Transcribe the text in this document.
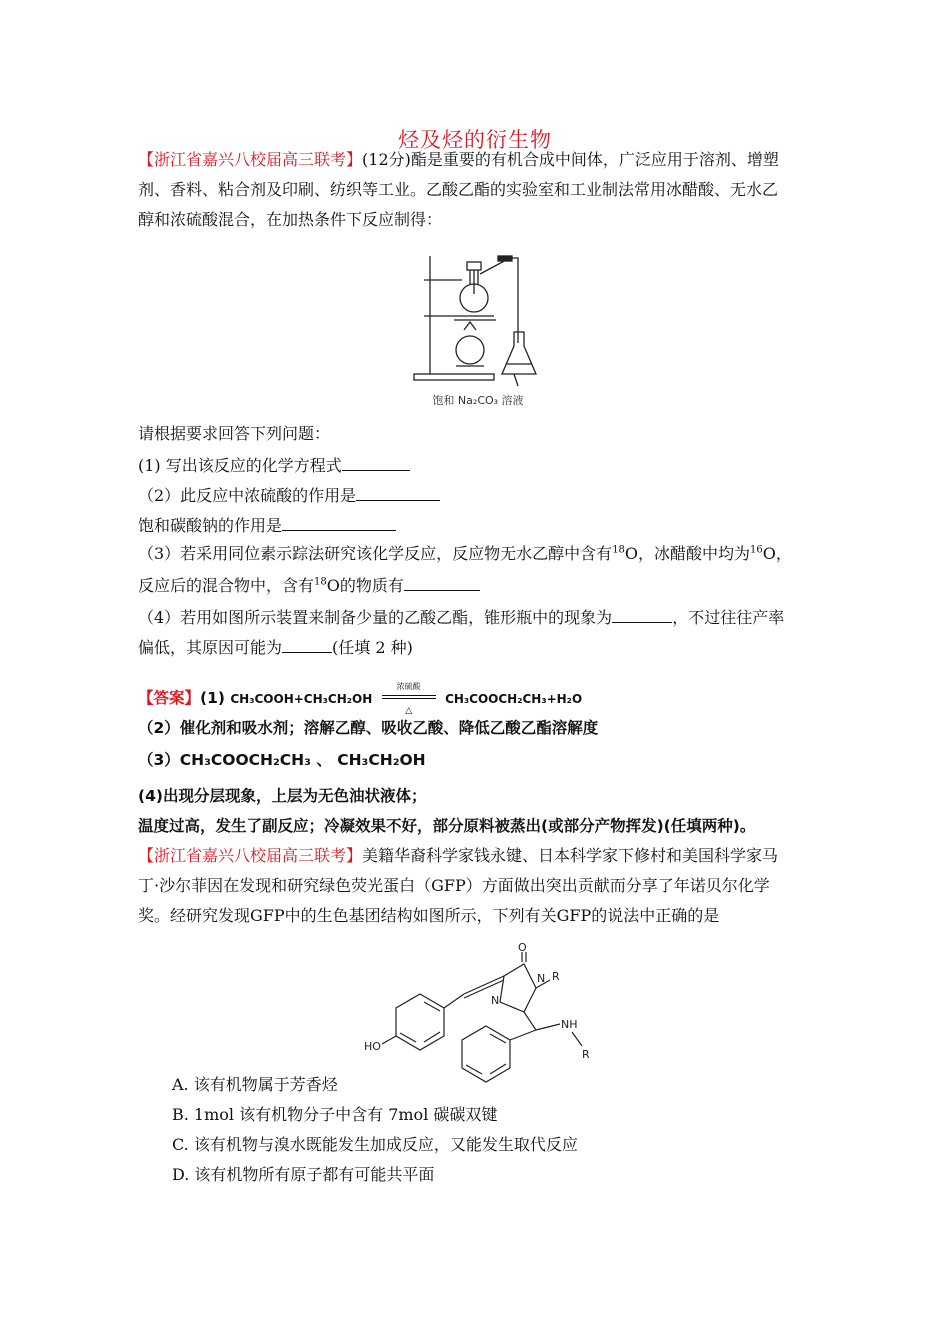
烃及烃的衍生物
【浙江省嘉兴八校届高三联考】(12分)酯是重要的有机合成中间体，广泛应用于溶剂、增塑
剂、香料、粘合剂及印刷、纺织等工业。乙酸乙酯的实验室和工业制法常用冰醋酸、无水乙
醇和浓硫酸混合，在加热条件下反应制得：
饱和 Na₂CO₃ 溶液
请根据要求回答下列问题：
(1) 写出该反应的化学方程式
（2）此反应中浓硫酸的作用是
饱和碳酸钠的作用是
（3）若采用同位素示踪法研究该化学反应，反应物无水乙醇中含有$^{18}$O，冰醋酸中均为$^{16}$O，
反应后的混合物中，含有$^{18}$O的物质有
（4）若用如图所示装置来制备少量的乙酸乙酯，锥形瓶中的现象为	，不过往往产率
偏低，其原因可能为	(任填 2 种)
【答案】(1) CH₃COOH+CH₃CH₂OH
浓硫酸
△
CH₃COOCH₂CH₃+H₂O
（2）催化剂和吸水剂；溶解乙醇、吸收乙酸、降低乙酸乙酯溶解度
（3）CH₃COOCH₂CH₃ 、 CH₃CH₂OH
(4)出现分层现象，上层为无色油状液体；
温度过高，发生了副反应；冷凝效果不好，部分原料被蒸出(或部分产物挥发)(任填两种)。
【浙江省嘉兴八校届高三联考】美籍华裔科学家钱永键、日本科学家下修村和美国科学家马
丁·沙尔菲因在发现和研究绿色荧光蛋白（GFP）方面做出突出贡献而分享了年诺贝尔化学
奖。经研究发现GFP中的生色基团结构如图所示，下列有关GFP的说法中正确的是
O
N R
N
NH
R
HO
A. 该有机物属于芳香烃
B. 1mol 该有机物分子中含有 7mol 碳碳双键
C. 该有机物与溴水既能发生加成反应，又能发生取代反应
D. 该有机物所有原子都有可能共平面
